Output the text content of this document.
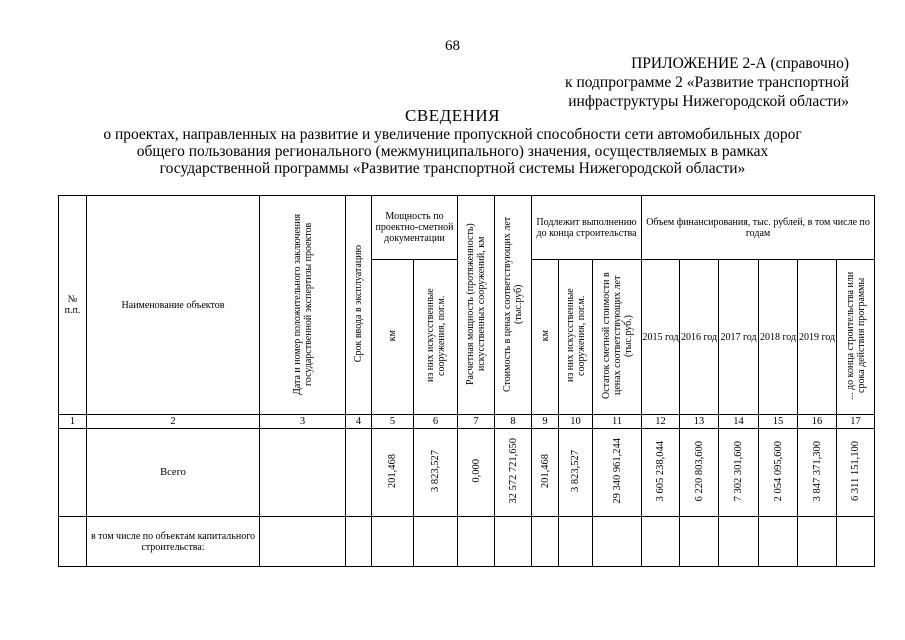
68
ПРИЛОЖЕНИЕ 2-А (справочно)
к подпрограмме 2 «Развитие транспортной
инфраструктуры Нижегородской области»
СВЕДЕНИЯ
о проектах, направленных на развитие и увеличение пропускной способности сети автомобильных дорог
общего пользования регионального (межмуниципального) значения, осуществляемых в рамках
государственной программы «Развитие транспортной системы Нижегородской области»
№ п.п.	Наименование объектов	Дата и номер положительного заключения государственной экспертизы проектов	Срок ввода в эксплуатацию	Мощность по проектно-сметной документации		Расчетная мощность (протяженность) искусственных сооружений, км	Стоимость в ценах соответствующих лет (тыс.руб)	Подлежит выполнению до конца строительства			Объем финансирования, тыс. рублей, в том числе по годам					
				км	из них искусственные сооружения, пог.м.			км	из них искусственные сооружения, пог.м.	Остаток сметной стоимости в ценах соответствующих лет (тыс.руб.)	2015 год	2016 год	2017 год	2018 год	2019 год	... до конца строительства или срока действия программы
1	2	3	4	5	6	7	8	9	10	11	12	13	14	15	16	17
	Всего			201,468	3 823,527	0,000	32 572 721,650	201,468	3 823,527	29 340 961,244	3 605 238,044	6 220 803,600	7 302 301,600	2 054 095,600	3 847 371,300	6 311 151,100
	в том числе по объектам капитального строительства:															
